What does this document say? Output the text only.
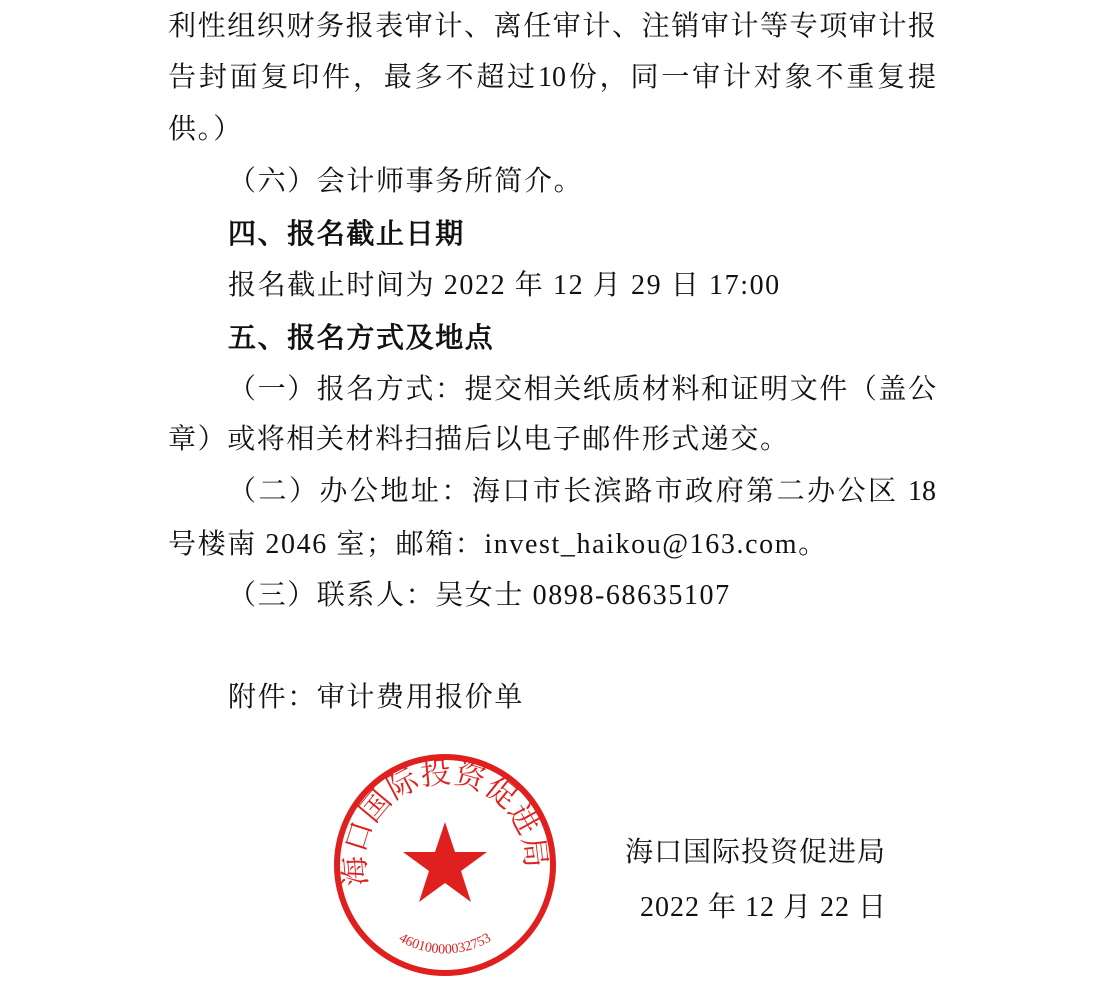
利性组织财务报表审计、离任审计、注销审计等专项审计报
告封面复印件，最多不超过10份，同一审计对象不重复提
供。）
（六）会计师事务所简介。
四、报名截止日期
报名截止时间为 2022 年 12 月 29 日 17:00
五、报名方式及地点
（一）报名方式：提交相关纸质材料和证明文件（盖公
章）或将相关材料扫描后以电子邮件形式递交。
（二）办公地址：海口市长滨路市政府第二办公区 18
号楼南 2046 室；邮箱：invest_haikou@163.com。
（三）联系人：吴女士 0898-68635107
附件：审计费用报价单
海口国际投资促进局
46010000032753
海口国际投资促进局
2022 年 12 月 22 日
